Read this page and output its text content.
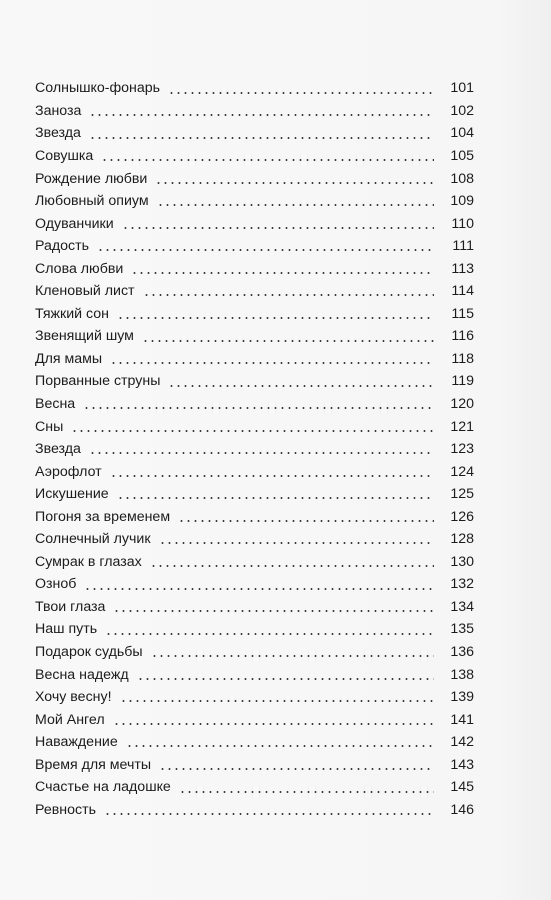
Солнышко-фонарь	101
Заноза	102
Звезда	104
Совушка	105
Рождение любви	108
Любовный опиум	109
Одуванчики	110
Радость	111
Слова любви	113
Кленовый лист	114
Тяжкий сон	115
Звенящий шум	116
Для мамы	118
Порванные струны	119
Весна	120
Сны	121
Звезда	123
Аэрофлот	124
Искушение	125
Погоня за временем	126
Солнечный лучик	128
Сумрак в глазах	130
Озноб	132
Твои глаза	134
Наш путь	135
Подарок судьбы	136
Весна надежд	138
Хочу весну!	139
Мой Ангел	141
Наваждение	142
Время для мечты	143
Счастье на ладошке	145
Ревность	146
